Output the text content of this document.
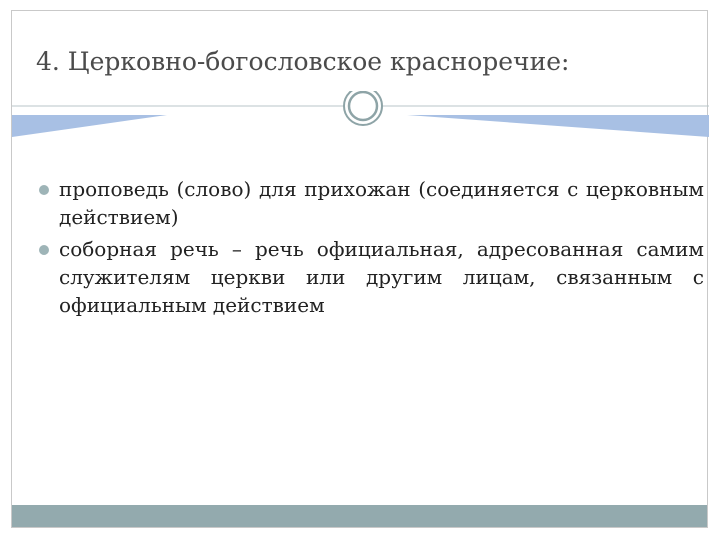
4. Церковно-богословское красноречие:
проповедь (слово) для прихожан (соединяется с церковным действием)
соборная речь – речь официальная, адресованная самим служителям церкви или другим лицам, связанным с официальным действием
